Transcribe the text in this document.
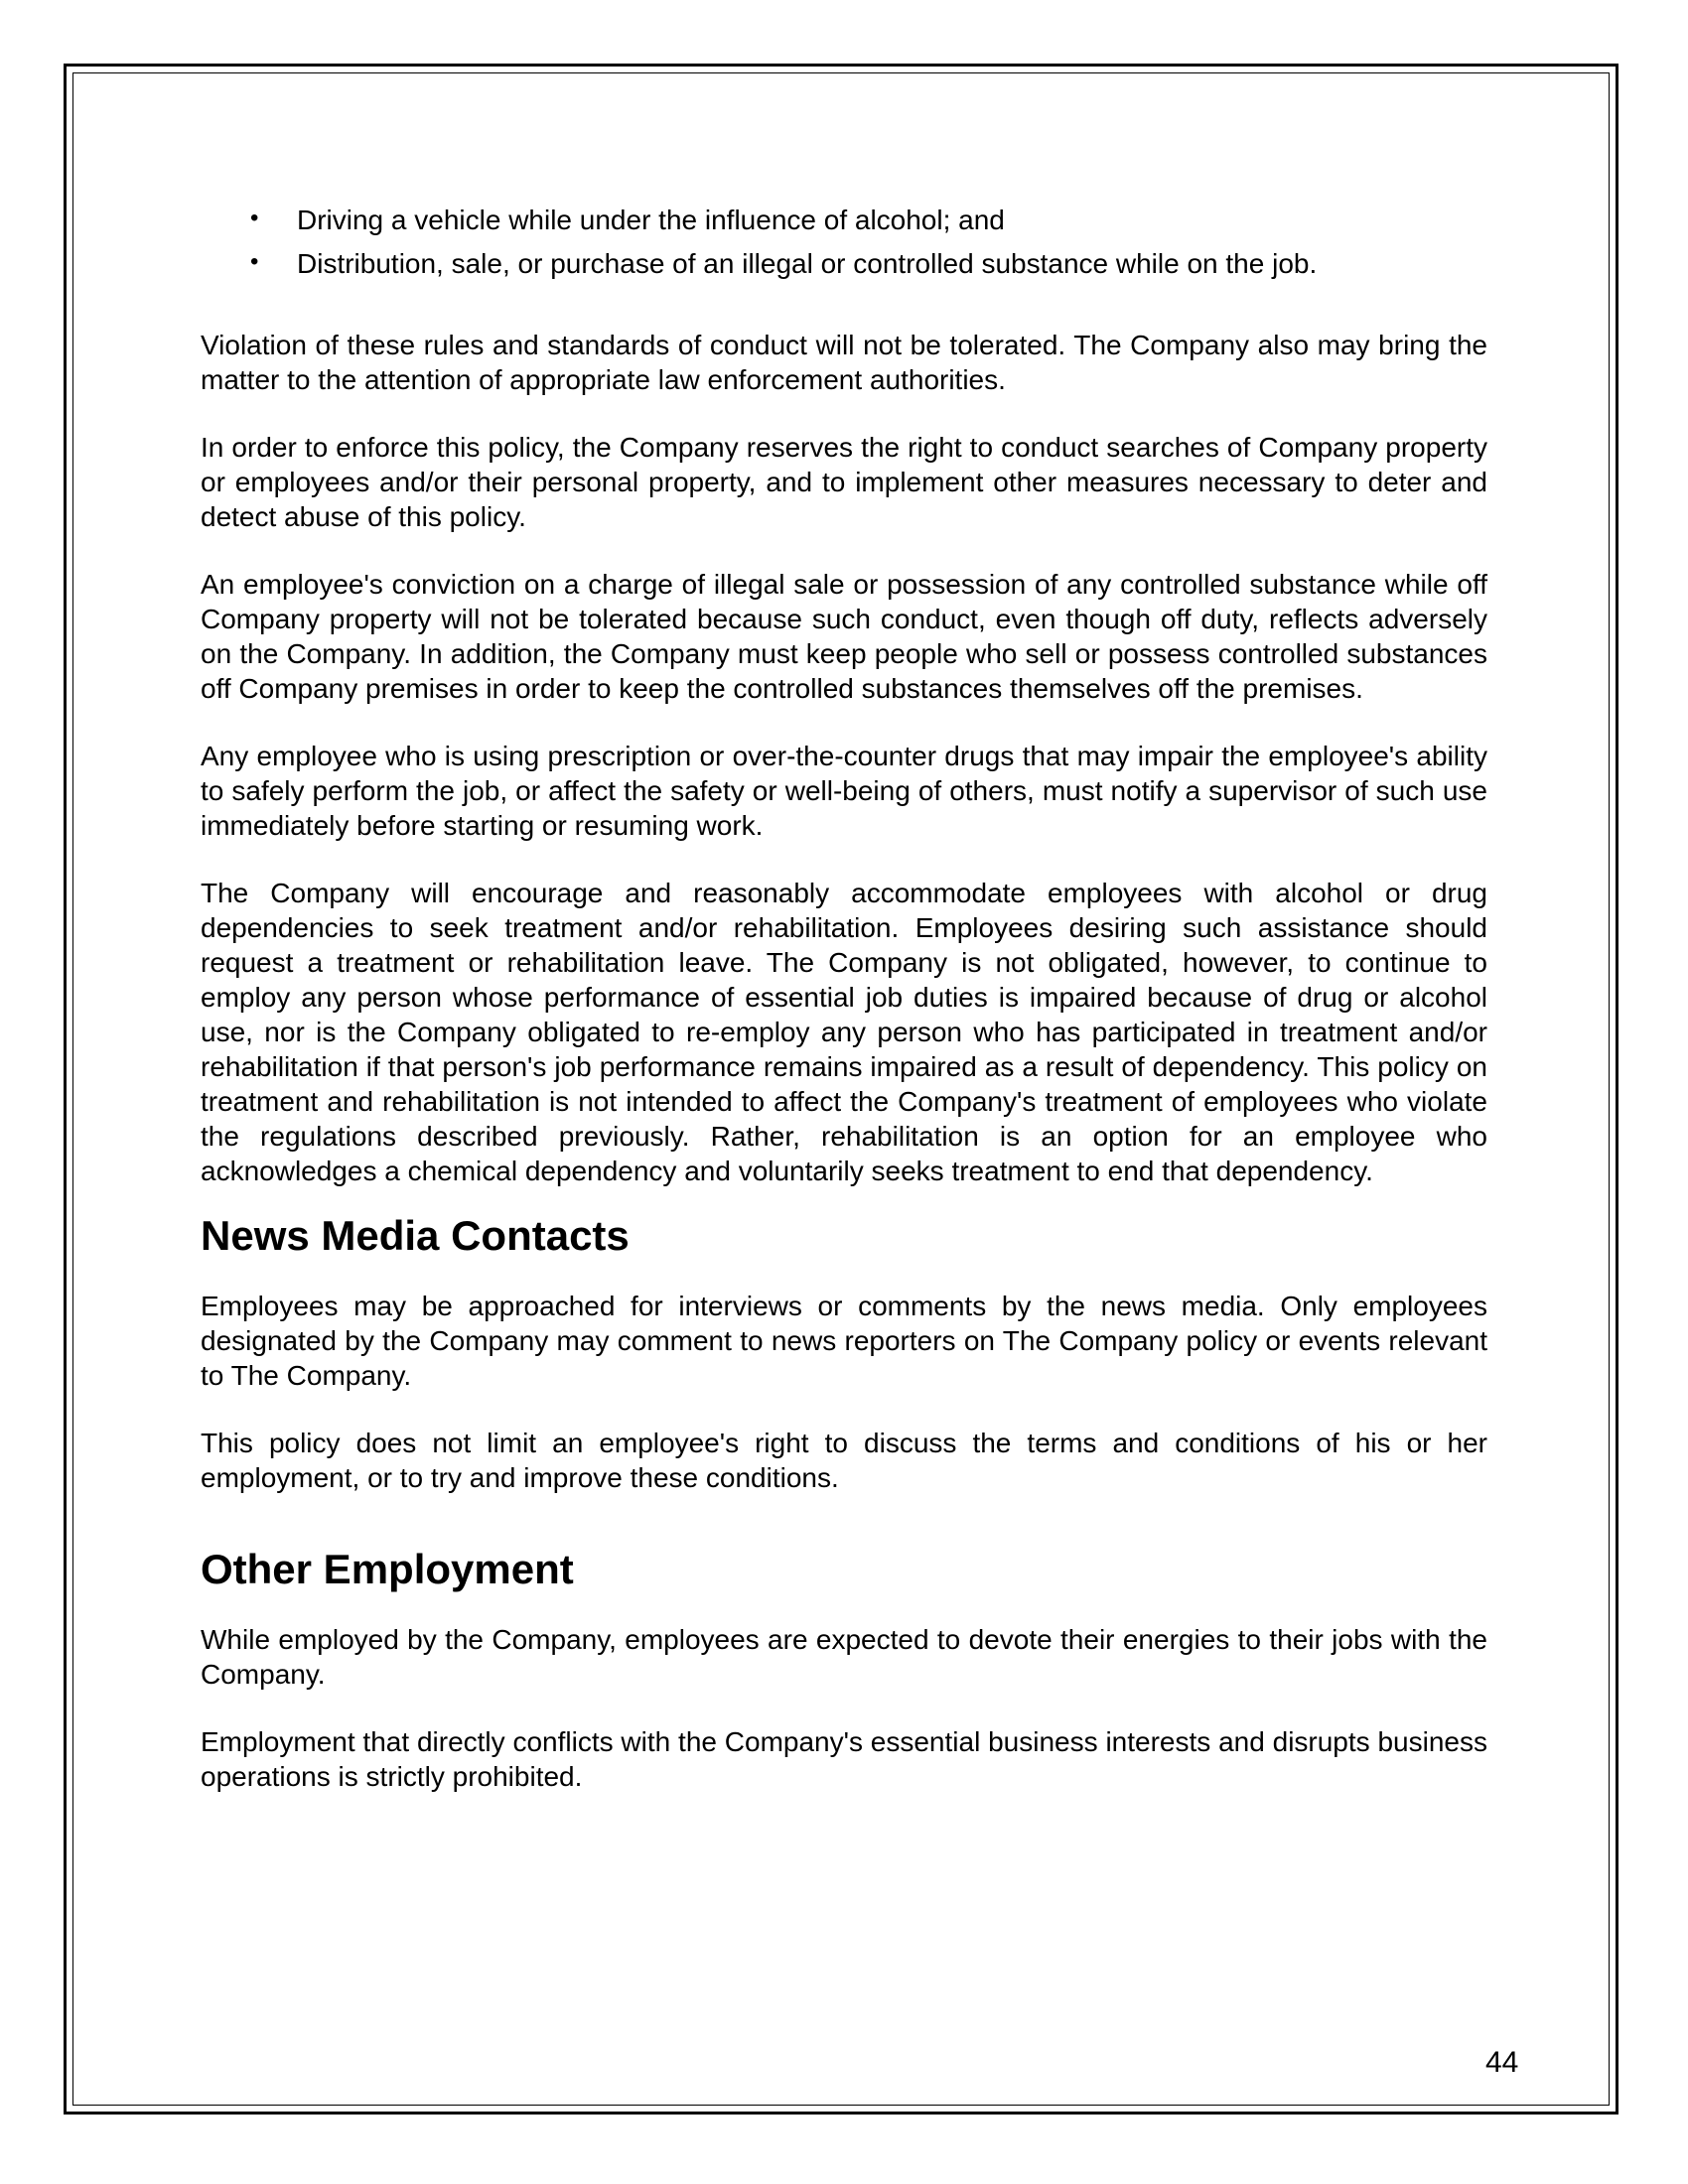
• Driving a vehicle while under the influence of alcohol; and
• Distribution, sale, or purchase of an illegal or controlled substance while on the job.

Violation of these rules and standards of conduct will not be tolerated. The Company also may bring the matter to the attention of appropriate law enforcement authorities.

In order to enforce this policy, the Company reserves the right to conduct searches of Company property or employees and/or their personal property, and to implement other measures necessary to deter and detect abuse of this policy.

An employee's conviction on a charge of illegal sale or possession of any controlled substance while off Company property will not be tolerated because such conduct, even though off duty, reflects adversely on the Company. In addition, the Company must keep people who sell or possess controlled substances off Company premises in order to keep the controlled substances themselves off the premises.

Any employee who is using prescription or over-the-counter drugs that may impair the employee's ability to safely perform the job, or affect the safety or well-being of others, must notify a supervisor of such use immediately before starting or resuming work.

The Company will encourage and reasonably accommodate employees with alcohol or drug dependencies to seek treatment and/or rehabilitation. Employees desiring such assistance should request a treatment or rehabilitation leave. The Company is not obligated, however, to continue to employ any person whose performance of essential job duties is impaired because of drug or alcohol use, nor is the Company obligated to re-employ any person who has participated in treatment and/or rehabilitation if that person's job performance remains impaired as a result of dependency. This policy on treatment and rehabilitation is not intended to affect the Company's treatment of employees who violate the regulations described previously. Rather, rehabilitation is an option for an employee who acknowledges a chemical dependency and voluntarily seeks treatment to end that dependency.

News Media Contacts

Employees may be approached for interviews or comments by the news media. Only employees designated by the Company may comment to news reporters on The Company policy or events relevant to The Company.

This policy does not limit an employee's right to discuss the terms and conditions of his or her employment, or to try and improve these conditions.

Other Employment

While employed by the Company, employees are expected to devote their energies to their jobs with the Company.

Employment that directly conflicts with the Company's essential business interests and disrupts business operations is strictly prohibited.

44
